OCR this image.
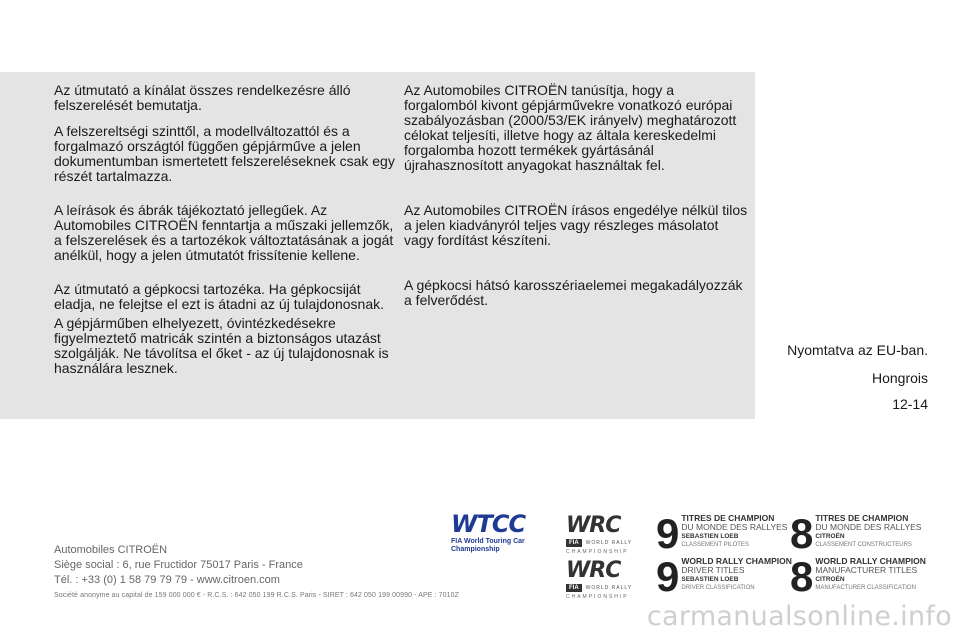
Az útmutató a kínálat összes rendelkezésre álló felszerelését bemutatja.

A felszereltségi szinttől, a modellváltozattól és a forgalmazó országtól függően gépjárműve a jelen dokumentumban ismertetett felszereléseknek csak egy részét tartalmazza.

A leírások és ábrák tájékoztató jellegűek. Az Automobiles CITROËN fenntartja a műszaki jellemzők, a felszerelések és a tartozékok változtatásának a jogát anélkül, hogy a jelen útmutatót frissítenie kellene.

Az útmutató a gépkocsi tartozéka. Ha gépkocsiját eladja, ne felejtse el ezt is átadni az új tulajdonosnak.

A gépjárműben elhelyezett, óvintézkedésekre figyelmeztető matricák szintén a biztonságos utazást szolgálják. Ne távolítsa el őket - az új tulajdonosnak is használára lesznek.

Az Automobiles CITROËN tanúsítja, hogy a forgalomból kivont gépjárművekre vonatkozó európai szabályozásban (2000/53/EK irányelv) meghatározott célokat teljesíti, illetve hogy az általa kereskedelmi forgalomba hozott termékek gyártásánál újrahasznosított anyagokat használtak fel.

Az Automobiles CITROËN írásos engedélye nélkül tilos a jelen kiadványról teljes vagy részleges másolatot vagy fordítást készíteni.

A gépkocsi hátsó karosszériaelemei megakadályozzák a felverődést.

Nyomtatva az EU-ban.
Hongrois
12-14
Automobiles CITROËN
Siège social : 6, rue Fructidor 75017 Paris - France
Tél. : +33 (0) 1 58 79 79 79 - www.citroen.com
Société anonyme au capital de 159 000 000 € - R.C.S. : 642 050 199 R.C.S. Paris - SIRET : 642 050 199 00990 - APE : 7010Z
WTCC
FIA World Touring Car Championship
WRC
FIA	WORLD RALLY
CHAMPIONSHIP
WRC
FIA	WORLD RALLY
CHAMPIONSHIP
9 TITRES DE CHAMPION
DU MONDE DES RALLYES
SEBASTIEN LOEB
CLASSEMENT PILOTES 8 TITRES DE CHAMPION
DU MONDE DES RALLYES
CITROËN
CLASSEMENT CONSTRUCTEURS
9 WORLD RALLY CHAMPION
DRIVER TITLES
SEBASTIEN LOEB
DRIVER CLASSIFICATION 8 WORLD RALLY CHAMPION
MANUFACTURER TITLES
CITROËN
MANUFACTURER CLASSIFICATION
carmanualsonline.info
